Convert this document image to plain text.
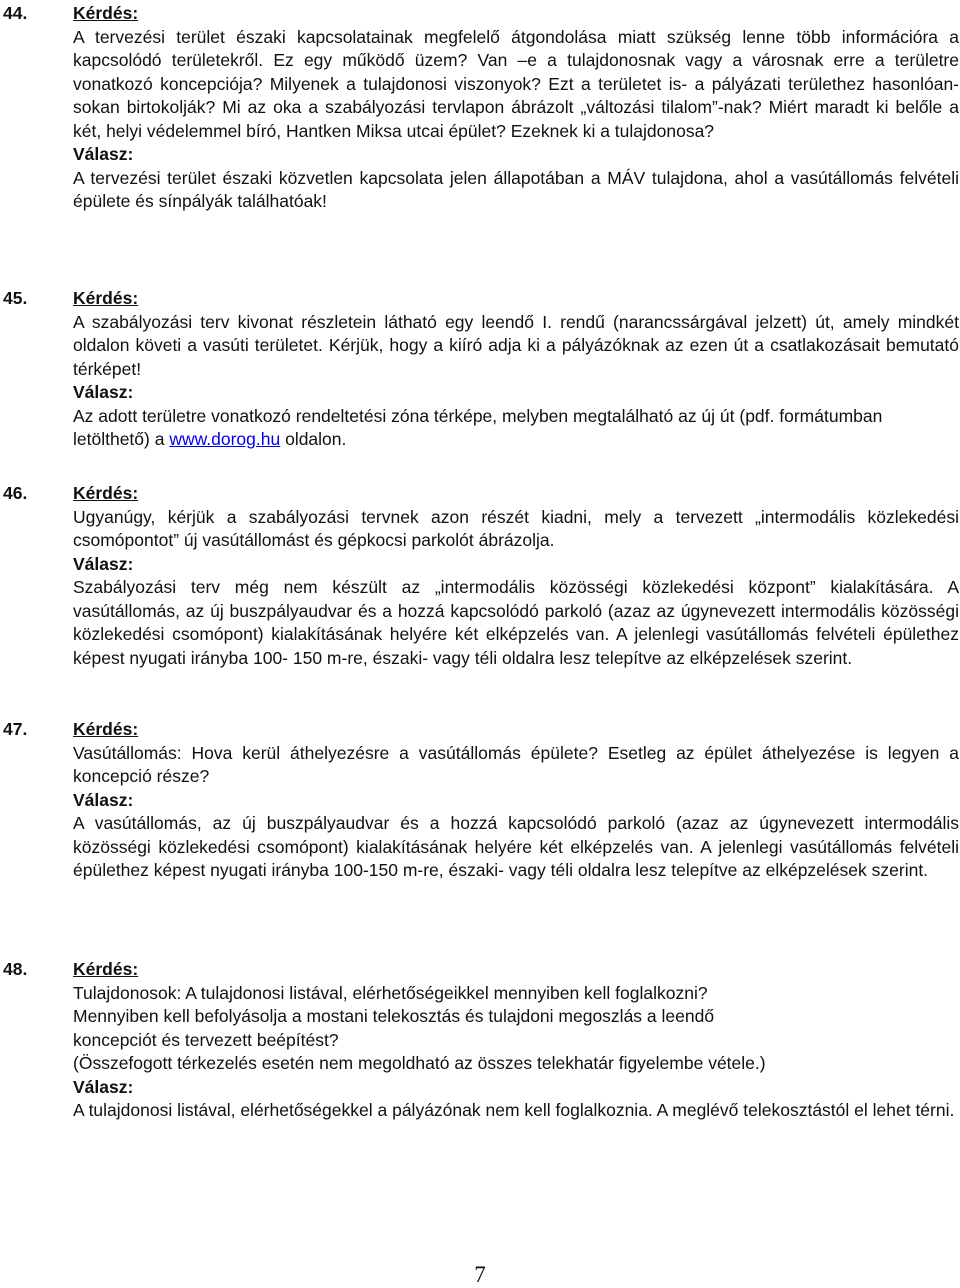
44.	Kérdés:

A tervezési terület északi kapcsolatainak megfelelő átgondolása miatt szükség lenne több információra a kapcsolódó területekről. Ez egy működő üzem? Van –e a tulajdonosnak vagy a városnak erre a területre vonatkozó koncepciója? Milyenek a tulajdonosi viszonyok? Ezt a területet is- a pályázati területhez hasonlóan-sokan birtokolják? Mi az oka a szabályozási tervlapon ábrázolt „változási tilalom”-nak? Miért maradt ki belőle a két, helyi védelemmel bíró, Hantken Miksa utcai épület? Ezeknek ki a tulajdonosa?

Válasz:

A tervezési terület északi közvetlen kapcsolata jelen állapotában a MÁV tulajdona, ahol a vasútállomás felvételi épülete és sínpályák találhatóak!

45.	Kérdés:

A szabályozási terv kivonat részletein látható egy leendő I. rendű (narancssárgával jelzett) út, amely mindkét oldalon követi a vasúti területet. Kérjük, hogy a kiíró adja ki a pályázóknak az ezen út a csatlakozásait bemutató térképet!

Válasz:

Az adott területre vonatkozó rendeltetési zóna térképe, melyben megtalálható az új út (pdf. formátumban letölthető) a www.dorog.hu oldalon.

46.	Kérdés:

Ugyanúgy, kérjük a szabályozási tervnek azon részét kiadni, mely a tervezett „intermodális közlekedési csomópontot” új vasútállomást és gépkocsi parkolót ábrázolja.

Válasz:

Szabályozási terv még nem készült az „intermodális közösségi közlekedési központ” kialakítására. A vasútállomás, az új buszpályaudvar és a hozzá kapcsolódó parkoló (azaz az úgynevezett intermodális közösségi közlekedési csomópont) kialakításának helyére két elképzelés van. A jelenlegi vasútállomás felvételi épülethez képest nyugati irányba 100- 150 m-re, északi- vagy téli oldalra lesz telepítve az elképzelések szerint.

47.	Kérdés:

Vasútállomás: Hova kerül áthelyezésre a vasútállomás épülete? Esetleg az épület áthelyezése is legyen a koncepció része?

Válasz:

A vasútállomás, az új buszpályaudvar és a hozzá kapcsolódó parkoló (azaz az úgynevezett intermodális közösségi közlekedési csomópont) kialakításának helyére két elképzelés van. A jelenlegi vasútállomás felvételi épülethez képest nyugati irányba 100-150 m-re, északi- vagy téli oldalra lesz telepítve az elképzelések szerint.

48.	Kérdés:

Tulajdonosok: A tulajdonosi listával, elérhetőségeikkel mennyiben kell foglalkozni?

Mennyiben kell befolyásolja a mostani telekosztás és tulajdoni megoszlás a leendő koncepciót és tervezett beépítést?

(Összefogott térkezelés esetén nem megoldható az összes telekhatár figyelembe vétele.)

Válasz:

A tulajdonosi listával, elérhetőségekkel a pályázónak nem kell foglalkoznia. A meglévő telekosztástól el lehet térni.

7
